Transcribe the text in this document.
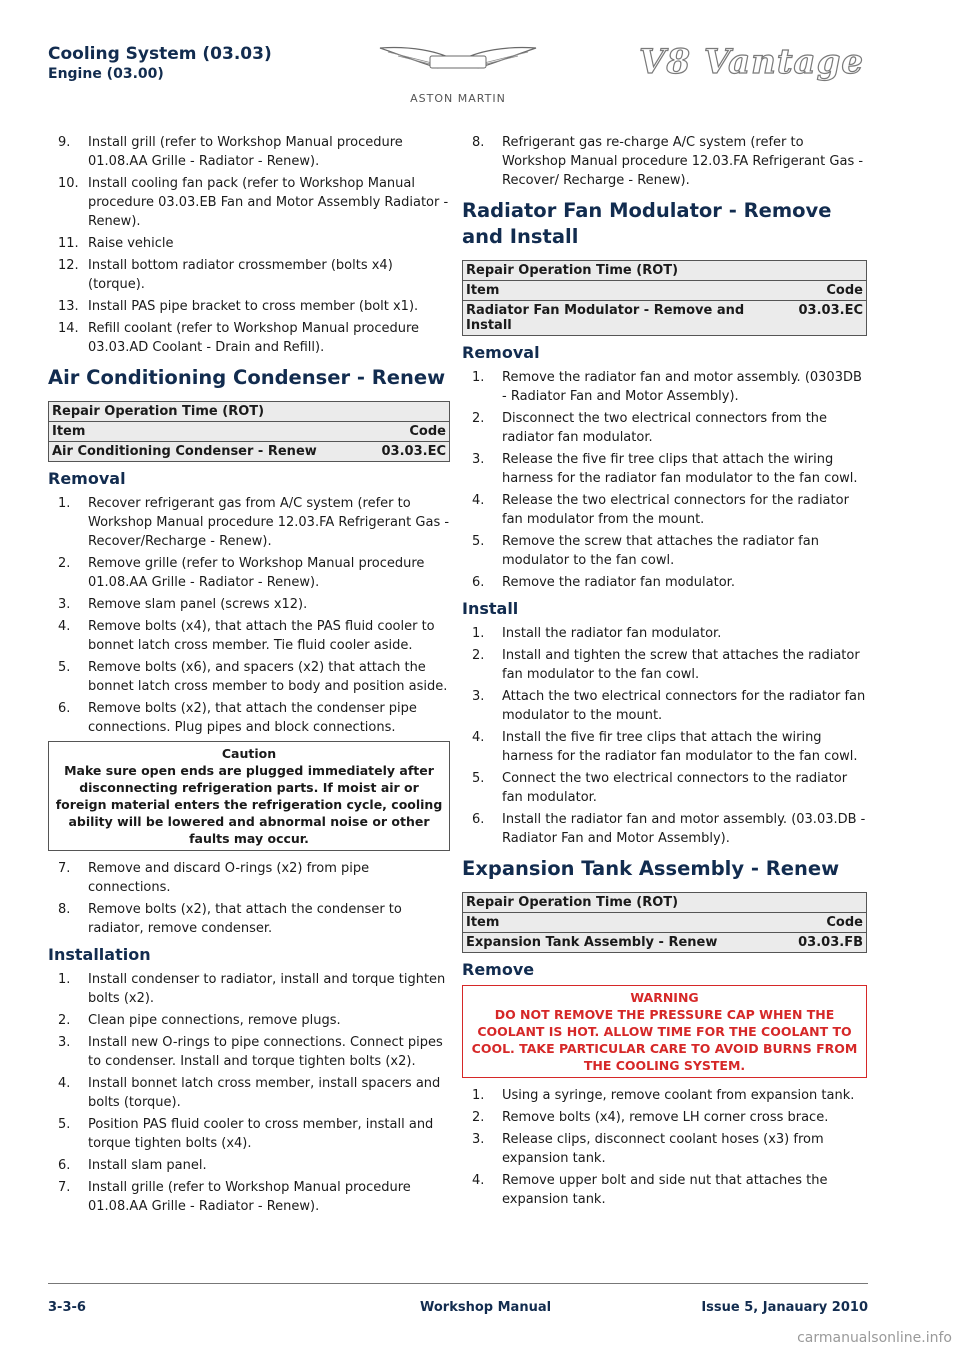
Cooling System (03.03)
Engine (03.00)
ASTON MARTIN
V8 Vantage
9. Install grill (refer to Workshop Manual procedure 01.08.AA Grille - Radiator - Renew).
10. Install cooling fan pack (refer to Workshop Manual procedure 03.03.EB Fan and Motor Assembly Radiator - Renew).
11. Raise vehicle
12. Install bottom radiator crossmember (bolts x4) (torque).
13. Install PAS pipe bracket to cross member (bolt x1).
14. Refill coolant (refer to Workshop Manual procedure 03.03.AD Coolant - Drain and Refill).
Air Conditioning Condenser - Renew
Repair Operation Time (ROT)	
Item	Code
Air Conditioning Condenser - Renew	03.03.EC
Removal
1. Recover refrigerant gas from A/C system (refer to Workshop Manual procedure 12.03.FA Refrigerant Gas - Recover/Recharge - Renew).
2. Remove grille (refer to Workshop Manual procedure 01.08.AA Grille - Radiator - Renew).
3. Remove slam panel (screws x12).
4. Remove bolts (x4), that attach the PAS fluid cooler to bonnet latch cross member. Tie fluid cooler aside.
5. Remove bolts (x6), and spacers (x2) that attach the bonnet latch cross member to body and position aside.
6. Remove bolts (x2), that attach the condenser pipe connections. Plug pipes and block connections.
Caution
Make sure open ends are plugged immediately after disconnecting refrigeration parts. If moist air or foreign material enters the refrigeration cycle, cooling ability will be lowered and abnormal noise or other faults may occur.
7. Remove and discard O-rings (x2) from pipe connections.
8. Remove bolts (x2), that attach the condenser to radiator, remove condenser.
Installation
1. Install condenser to radiator, install and torque tighten bolts (x2).
2. Clean pipe connections, remove plugs.
3. Install new O-rings to pipe connections. Connect pipes to condenser. Install and torque tighten bolts (x2).
4. Install bonnet latch cross member, install spacers and bolts (torque).
5. Position PAS fluid cooler to cross member, install and torque tighten bolts (x4).
6. Install slam panel.
7. Install grille (refer to Workshop Manual procedure 01.08.AA Grille - Radiator - Renew).
8. Refrigerant gas re-charge A/C system (refer to Workshop Manual procedure 12.03.FA Refrigerant Gas - Recover/ Recharge - Renew).
Radiator Fan Modulator - Remove and Install
Repair Operation Time (ROT)	
Item	Code
Radiator Fan Modulator - Remove and Install	03.03.EC
Removal
1. Remove the radiator fan and motor assembly. (0303DB - Radiator Fan and Motor Assembly).
2. Disconnect the two electrical connectors from the radiator fan modulator.
3. Release the five fir tree clips that attach the wiring harness for the radiator fan modulator to the fan cowl.
4. Release the two electrical connectors for the radiator fan modulator from the mount.
5. Remove the screw that attaches the radiator fan modulator to the fan cowl.
6. Remove the radiator fan modulator.
Install
1. Install the radiator fan modulator.
2. Install and tighten the screw that attaches the radiator fan modulator to the fan cowl.
3. Attach the two electrical connectors for the radiator fan modulator to the mount.
4. Install the five fir tree clips that attach the wiring harness for the radiator fan modulator to the fan cowl.
5. Connect the two electrical connectors to the radiator fan modulator.
6. Install the radiator fan and motor assembly. (03.03.DB - Radiator Fan and Motor Assembly).
Expansion Tank Assembly - Renew
Repair Operation Time (ROT)	
Item	Code
Expansion Tank Assembly - Renew	03.03.FB
Remove
WARNING
DO NOT REMOVE THE PRESSURE CAP WHEN THE COOLANT IS HOT. ALLOW TIME FOR THE COOLANT TO COOL. TAKE PARTICULAR CARE TO AVOID BURNS FROM THE COOLING SYSTEM.
1. Using a syringe, remove coolant from expansion tank.
2. Remove bolts (x4), remove LH corner cross brace.
3. Release clips, disconnect coolant hoses (x3) from expansion tank.
4. Remove upper bolt and side nut that attaches the expansion tank.
3-3-6	Workshop Manual	Issue 5, Janauary 2010
carmanualsonline.info
